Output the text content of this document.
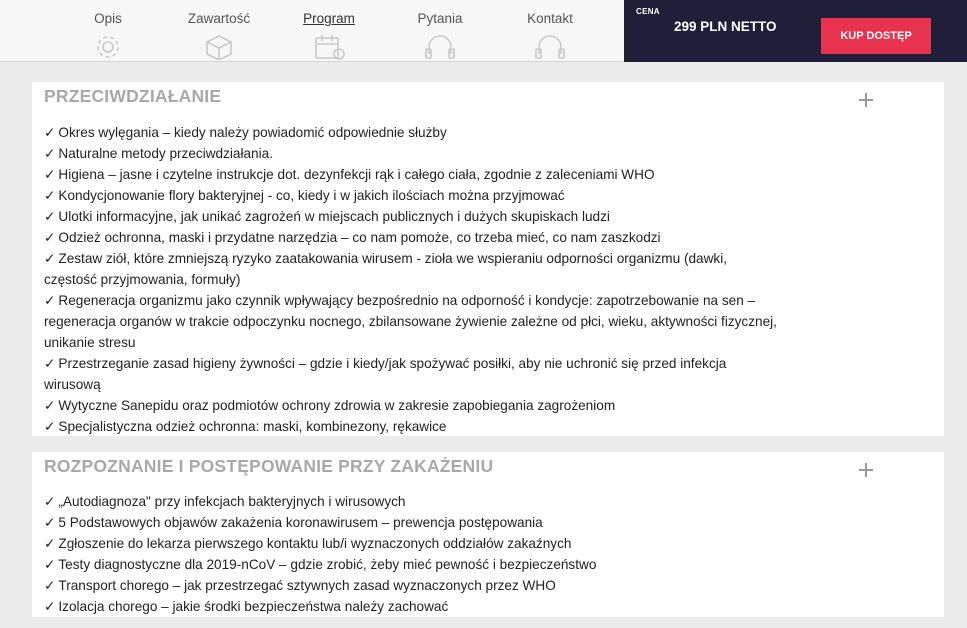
Opis	Zawartość	Program	Pytania	Kontakt	CENA
299 PLN NETTO
KUP DOSTĘP
PRZECIWDZIAŁANIE
✓ Okres wylęgania – kiedy należy powiadomić odpowiednie służby
✓ Naturalne metody przeciwdziałania.
✓ Higiena – jasne i czytelne instrukcje dot. dezynfekcji rąk i całego ciała, zgodnie z zaleceniami WHO
✓ Kondycjonowanie flory bakteryjnej - co, kiedy i w jakich ilościach można przyjmować
✓ Ulotki informacyjne, jak unikać zagrożeń w miejscach publicznych i dużych skupiskach ludzi
✓ Odzież ochronna, maski i przydatne narzędzia – co nam pomoże, co trzeba mieć, co nam zaszkodzi
✓ Zestaw ziół, które zmniejszą ryzyko zaatakowania wirusem - zioła we wspieraniu odporności organizmu (dawki, częstość przyjmowania, formuły)
✓ Regeneracja organizmu jako czynnik wpływający bezpośrednio na odporność i kondycje: zapotrzebowanie na sen – regeneracja organów w trakcie odpoczynku nocnego, zbilansowane żywienie zależne od płci, wieku, aktywności fizycznej, unikanie stresu
✓ Przestrzeganie zasad higieny żywności – gdzie i kiedy/jak spożywać posiłki, aby nie uchronić się przed infekcja wirusową
✓ Wytyczne Sanepidu oraz podmiotów ochrony zdrowia w zakresie zapobiegania zagrożeniom
✓ Specjalistyczna odzież ochronna: maski, kombinezony, rękawice
ROZPOZNANIE I POSTĘPOWANIE PRZY ZAKAŻENIU
✓ „Autodiagnoza" przy infekcjach bakteryjnych i wirusowych
✓ 5 Podstawowych objawów zakażenia koronawirusem – prewencja postępowania
✓ Zgłoszenie do lekarza pierwszego kontaktu lub/i wyznaczonych oddziałów zakaźnych
✓ Testy diagnostyczne dla 2019-nCoV – gdzie zrobić, żeby mieć pewność i bezpieczeństwo
✓ Transport chorego – jak przestrzegać sztywnych zasad wyznaczonych przez WHO
✓ Izolacja chorego – jakie środki bezpieczeństwa należy zachować
